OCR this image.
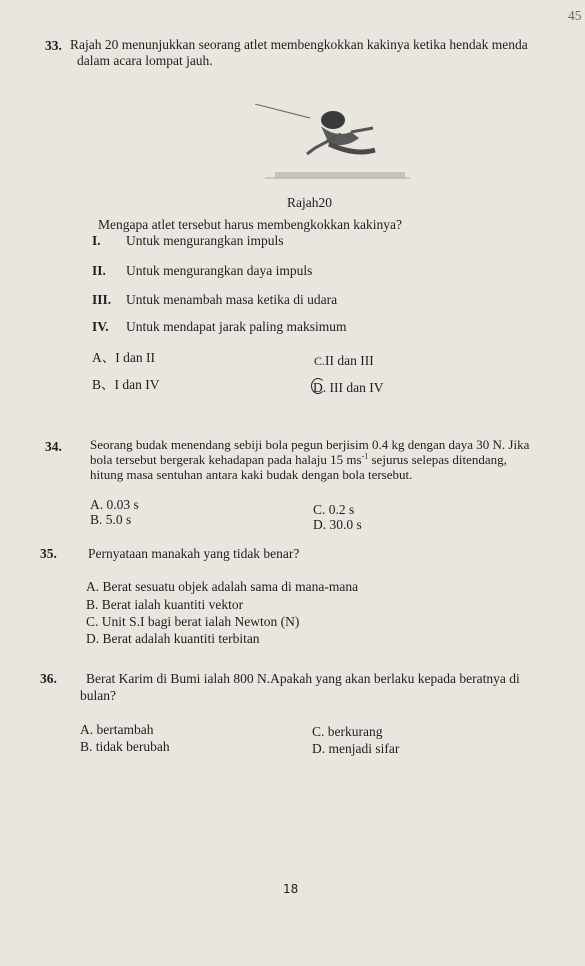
45
33. Rajah 20 menunjukkan seorang atlet membengkokkan kakinya ketika hendak menda
dalam acara lompat jauh.
Rajah20
Mengapa atlet tersebut harus membengkokkan kakinya?
I. Untuk mengurangkan impuls
II. Untuk mengurangkan daya impuls
III. Untuk menambah masa ketika di udara
IV. Untuk mendapat jarak paling maksimum
A、I dan II	C. II dan III
B、I dan IV	D. III dan IV
34. Seorang budak menendang sebiji bola pegun berjisim 0.4 kg dengan daya 30 N. Jika
bola tersebut bergerak kehadapan pada halaju 15 $ms^{-1}$ sejurus selepas ditendang,
hitung masa sentuhan antara kaki budak dengan bola tersebut.
A. 0.03 s	C. 0.2 s
B. 5.0 s	D. 30.0 s
35. Pernyataan manakah yang tidak benar?
A. Berat sesuatu objek adalah sama di mana-mana
B. Berat ialah kuantiti vektor
C. Unit S.I bagi berat ialah Newton (N)
D. Berat adalah kuantiti terbitan
36. Berat Karim di Bumi ialah 800 N.Apakah yang akan berlaku kepada beratnya di
bulan?
A. bertambah	C. berkurang
B. tidak berubah	D. menjadi sifar
18
